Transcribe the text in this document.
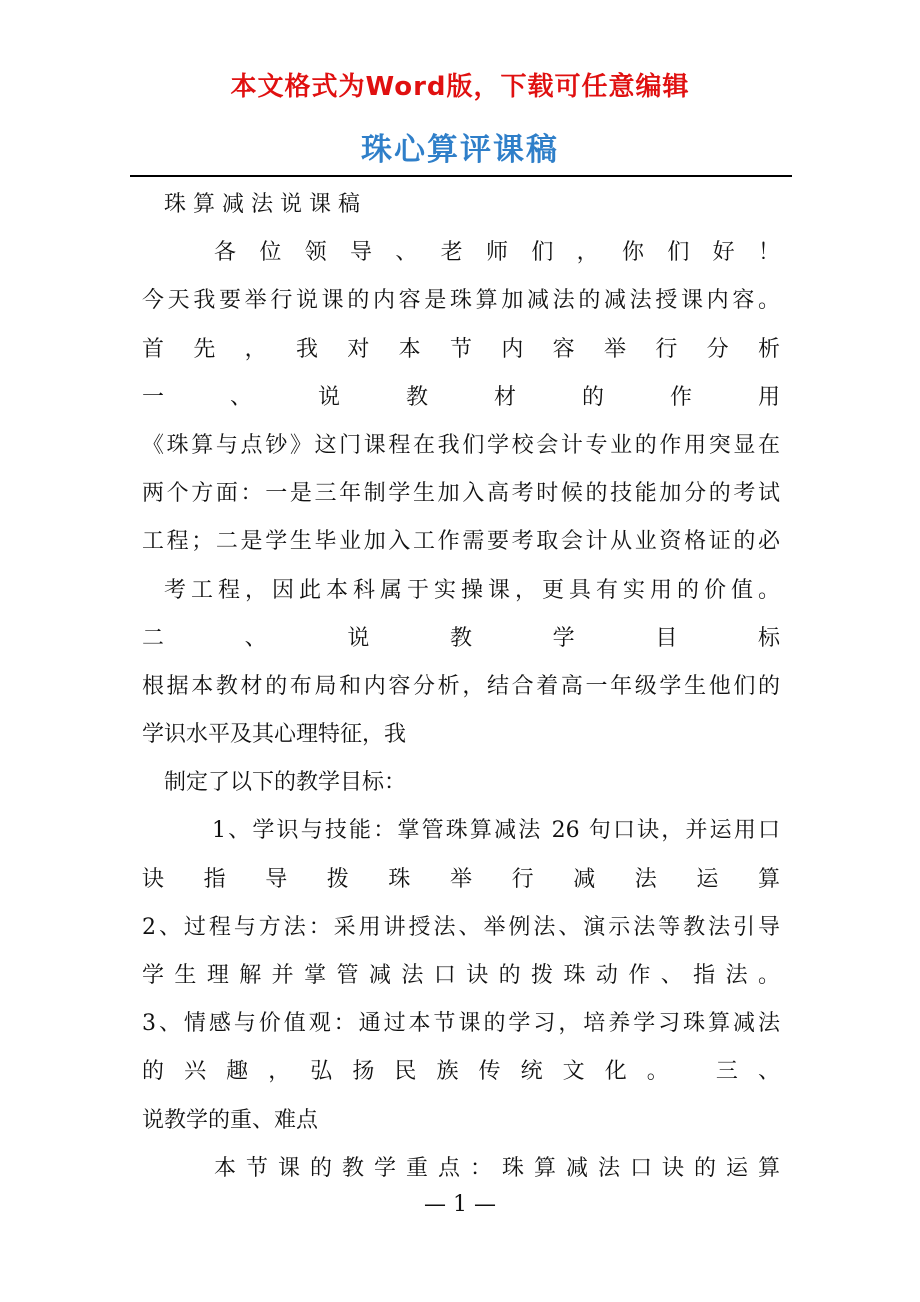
本文格式为Word版，下载可任意编辑
珠心算评课稿
珠 算 减 法 说 课 稿
各 位 领 导 、 老 师 们 ， 你 们 好 ！
今天我要举行说课的内容是珠算加减法的减法授课内容。
首 先 ， 我 对 本 节 内 容 举 行 分 析
一 、 说 教 材 的 作 用
《珠算与点钞》这门课程在我们学校会计专业的作用突显在
两个方面：一是三年制学生加入高考时候的技能加分的考试
工程；二是学生毕业加入工作需要考取会计从业资格证的必
考工程，因此本科属于实操课，更具有实用的价值。
二 、 说 教 学 目 标
根据本教材的布局和内容分析，结合着高一年级学生他们的
学识水平及其心理特征，我
制定了以下的教学目标：
1、学识与技能：掌管珠算减法 26 句口诀，并运用口
诀 指 导 拨 珠 举 行 减 法 运 算
2、过程与方法：采用讲授法、举例法、演示法等教法引导
学 生 理 解 并 掌 管 减 法 口 诀 的 拨 珠 动 作 、 指 法 。
3、情感与价值观：通过本节课的学习，培养学习珠算减法
的兴趣，弘扬民族传统文化。 三、
说教学的重、难点
本 节 课 的 教 学 重 点 ： 珠 算 减 法 口 诀 的 运 算
— 1 —
